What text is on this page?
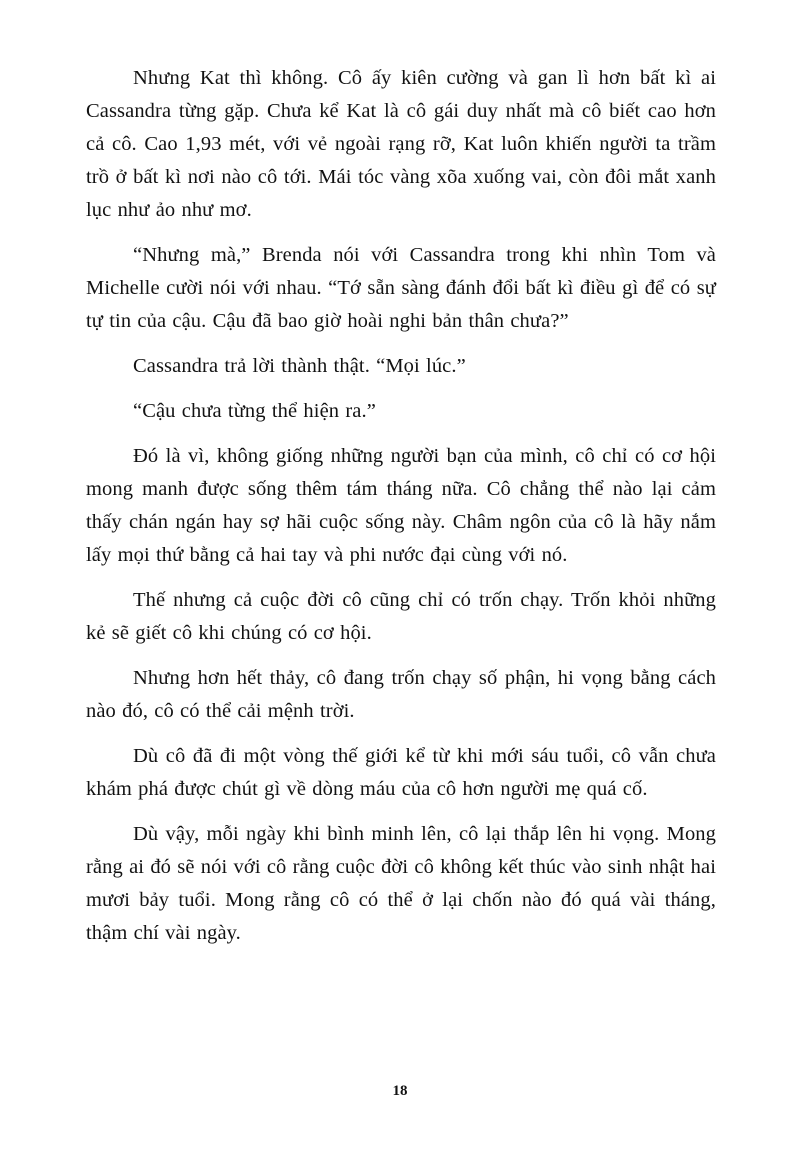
Nhưng Kat thì không. Cô ấy kiên cường và gan lì hơn bất kì ai Cassandra từng gặp. Chưa kể Kat là cô gái duy nhất mà cô biết cao hơn cả cô. Cao 1,93 mét, với vẻ ngoài rạng rỡ, Kat luôn khiến người ta trầm trồ ở bất kì nơi nào cô tới. Mái tóc vàng xõa xuống vai, còn đôi mắt xanh lục như ảo như mơ.

“Nhưng mà,” Brenda nói với Cassandra trong khi nhìn Tom và Michelle cười nói với nhau. “Tớ sẵn sàng đánh đổi bất kì điều gì để có sự tự tin của cậu. Cậu đã bao giờ hoài nghi bản thân chưa?”

Cassandra trả lời thành thật. “Mọi lúc.”

“Cậu chưa từng thể hiện ra.”

Đó là vì, không giống những người bạn của mình, cô chỉ có cơ hội mong manh được sống thêm tám tháng nữa. Cô chẳng thể nào lại cảm thấy chán ngán hay sợ hãi cuộc sống này. Châm ngôn của cô là hãy nắm lấy mọi thứ bằng cả hai tay và phi nước đại cùng với nó.

Thế nhưng cả cuộc đời cô cũng chỉ có trốn chạy. Trốn khỏi những kẻ sẽ giết cô khi chúng có cơ hội.

Nhưng hơn hết thảy, cô đang trốn chạy số phận, hi vọng bằng cách nào đó, cô có thể cải mệnh trời.

Dù cô đã đi một vòng thế giới kể từ khi mới sáu tuổi, cô vẫn chưa khám phá được chút gì về dòng máu của cô hơn người mẹ quá cố.

Dù vậy, mỗi ngày khi bình minh lên, cô lại thắp lên hi vọng. Mong rằng ai đó sẽ nói với cô rằng cuộc đời cô không kết thúc vào sinh nhật hai mươi bảy tuổi. Mong rằng cô có thể ở lại chốn nào đó quá vài tháng, thậm chí vài ngày.

18
